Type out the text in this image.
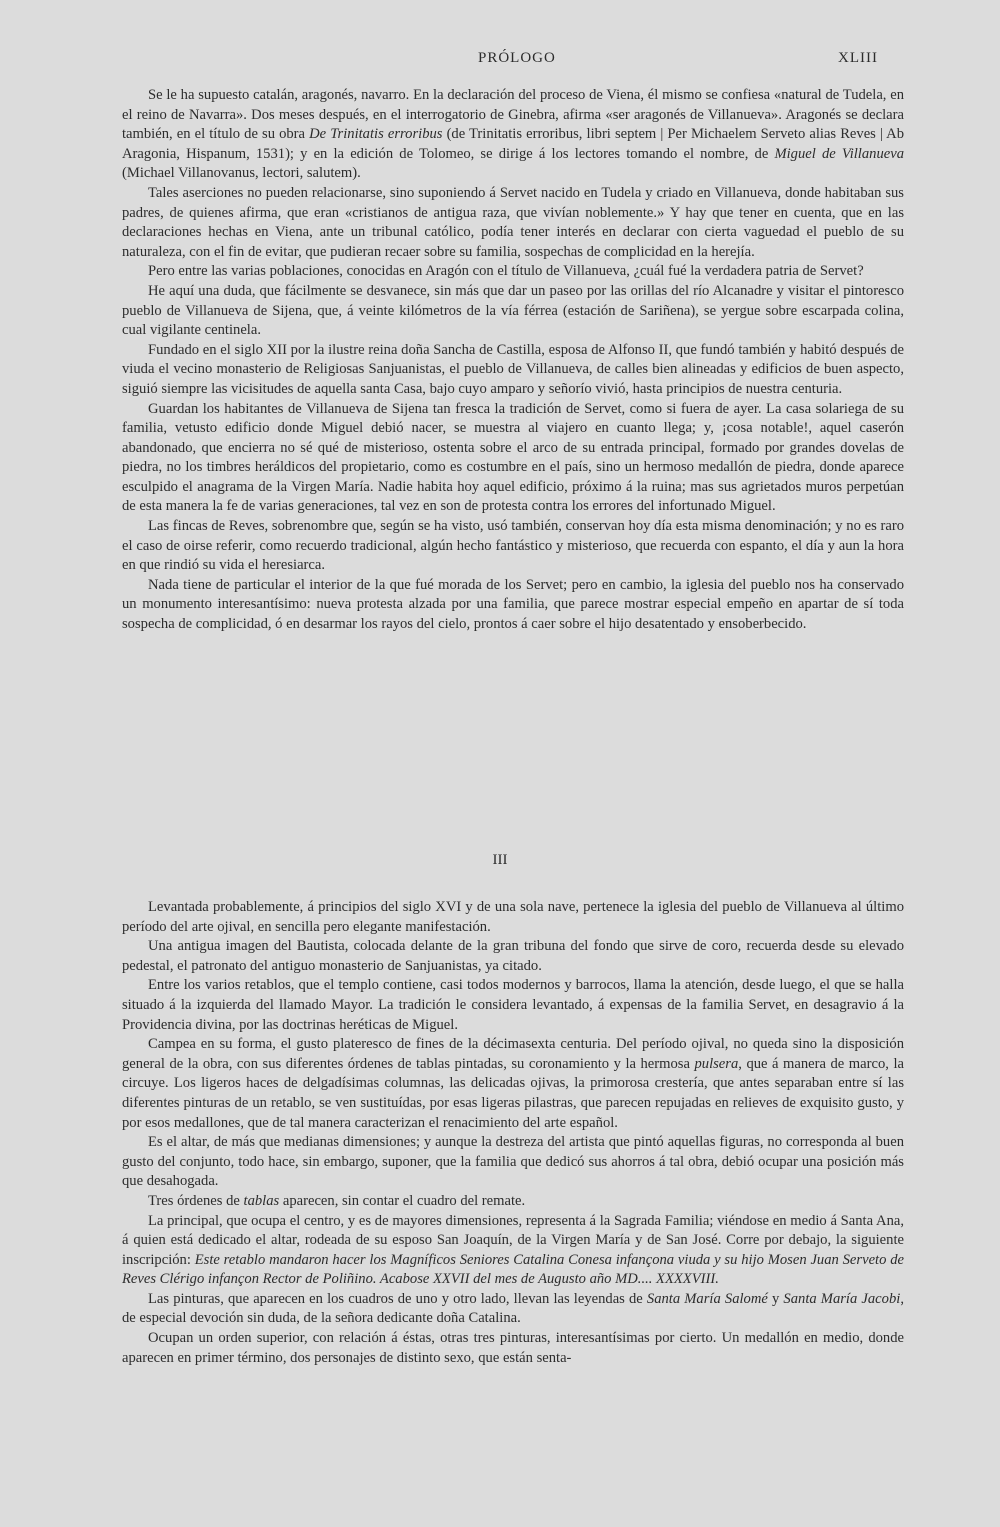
PRÓLOGO	XLIII

Se le ha supuesto catalán, aragonés, navarro. En la declaración del proceso de Viena, él mismo se confiesa «natural de Tudela, en el reino de Navarra». Dos meses después, en el interrogatorio de Ginebra, afirma «ser aragonés de Villanueva». Aragonés se declara también, en el título de su obra De Trinitatis erroribus (de Trinitatis erroribus, libri septem | Per Michaelem Serveto alias Reves | Ab Aragonia, Hispanum, 1531); y en la edición de Tolomeo, se dirige á los lectores tomando el nombre, de Miguel de Villanueva (Michael Villanovanus, lectori, salutem).

Tales aserciones no pueden relacionarse, sino suponiendo á Servet nacido en Tudela y criado en Villanueva, donde habitaban sus padres, de quienes afirma, que eran «cristianos de antigua raza, que vivían noblemente.» Y hay que tener en cuenta, que en las declaraciones hechas en Viena, ante un tribunal católico, podía tener interés en declarar con cierta vaguedad el pueblo de su naturaleza, con el fin de evitar, que pudieran recaer sobre su familia, sospechas de complicidad en la herejía.

Pero entre las varias poblaciones, conocidas en Aragón con el título de Villanueva, ¿cuál fué la verdadera patria de Servet?

He aquí una duda, que fácilmente se desvanece, sin más que dar un paseo por las orillas del río Alcanadre y visitar el pintoresco pueblo de Villanueva de Sijena, que, á veinte kilómetros de la vía férrea (estación de Sariñena), se yergue sobre escarpada colina, cual vigilante centinela.

Fundado en el siglo XII por la ilustre reina doña Sancha de Castilla, esposa de Alfonso II, que fundó también y habitó después de viuda el vecino monasterio de Religiosas Sanjuanistas, el pueblo de Villanueva, de calles bien alineadas y edificios de buen aspecto, siguió siempre las vicisitudes de aquella santa Casa, bajo cuyo amparo y señorío vivió, hasta principios de nuestra centuria.

Guardan los habitantes de Villanueva de Sijena tan fresca la tradición de Servet, como si fuera de ayer. La casa solariega de su familia, vetusto edificio donde Miguel debió nacer, se muestra al viajero en cuanto llega; y, ¡cosa notable!, aquel caserón abandonado, que encierra no sé qué de misterioso, ostenta sobre el arco de su entrada principal, formado por grandes dovelas de piedra, no los timbres heráldicos del propietario, como es costumbre en el país, sino un hermoso medallón de piedra, donde aparece esculpido el anagrama de la Virgen María. Nadie habita hoy aquel edificio, próximo á la ruina; mas sus agrietados muros perpetúan de esta manera la fe de varias generaciones, tal vez en son de protesta contra los errores del infortunado Miguel.

Las fincas de Reves, sobrenombre que, según se ha visto, usó también, conservan hoy día esta misma denominación; y no es raro el caso de oirse referir, como recuerdo tradicional, algún hecho fantástico y misterioso, que recuerda con espanto, el día y aun la hora en que rindió su vida el heresiarca.

Nada tiene de particular el interior de la que fué morada de los Servet; pero en cambio, la iglesia del pueblo nos ha conservado un monumento interesantísimo: nueva protesta alzada por una familia, que parece mostrar especial empeño en apartar de sí toda sospecha de complicidad, ó en desarmar los rayos del cielo, prontos á caer sobre el hijo desatentado y ensoberbecido.

III

Levantada probablemente, á principios del siglo XVI y de una sola nave, pertenece la iglesia del pueblo de Villanueva al último período del arte ojival, en sencilla pero elegante manifestación.

Una antigua imagen del Bautista, colocada delante de la gran tribuna del fondo que sirve de coro, recuerda desde su elevado pedestal, el patronato del antiguo monasterio de Sanjuanistas, ya citado.

Entre los varios retablos, que el templo contiene, casi todos modernos y barrocos, llama la atención, desde luego, el que se halla situado á la izquierda del llamado Mayor. La tradición le considera levantado, á expensas de la familia Servet, en desagravio á la Providencia divina, por las doctrinas heréticas de Miguel.

Campea en su forma, el gusto plateresco de fines de la décimasexta centuria. Del período ojival, no queda sino la disposición general de la obra, con sus diferentes órdenes de tablas pintadas, su coronamiento y la hermosa pulsera, que á manera de marco, la circuye. Los ligeros haces de delgadísimas columnas, las delicadas ojivas, la primorosa crestería, que antes separaban entre sí las diferentes pinturas de un retablo, se ven sustituídas, por esas ligeras pilastras, que parecen repujadas en relieves de exquisito gusto, y por esos medallones, que de tal manera caracterizan el renacimiento del arte español.

Es el altar, de más que medianas dimensiones; y aunque la destreza del artista que pintó aquellas figuras, no corresponda al buen gusto del conjunto, todo hace, sin embargo, suponer, que la familia que dedicó sus ahorros á tal obra, debió ocupar una posición más que desahogada.

Tres órdenes de tablas aparecen, sin contar el cuadro del remate.

La principal, que ocupa el centro, y es de mayores dimensiones, representa á la Sagrada Familia; viéndose en medio á Santa Ana, á quien está dedicado el altar, rodeada de su esposo San Joaquín, de la Virgen María y de San José. Corre por debajo, la siguiente inscripción: Este retablo mandaron hacer los Magníficos Seniores Catalina Conesa infançona viuda y su hijo Mosen Juan Serveto de Reves Clérigo infançon Rector de Poliñino. Acabose XXVII del mes de Augusto año MD.... XXXXVIII.

Las pinturas, que aparecen en los cuadros de uno y otro lado, llevan las leyendas de Santa María Salomé y Santa María Jacobi, de especial devoción sin duda, de la señora dedicante doña Catalina.

Ocupan un orden superior, con relación á éstas, otras tres pinturas, interesantísimas por cierto. Un medallón en medio, donde aparecen en primer término, dos personajes de distinto sexo, que están senta-
